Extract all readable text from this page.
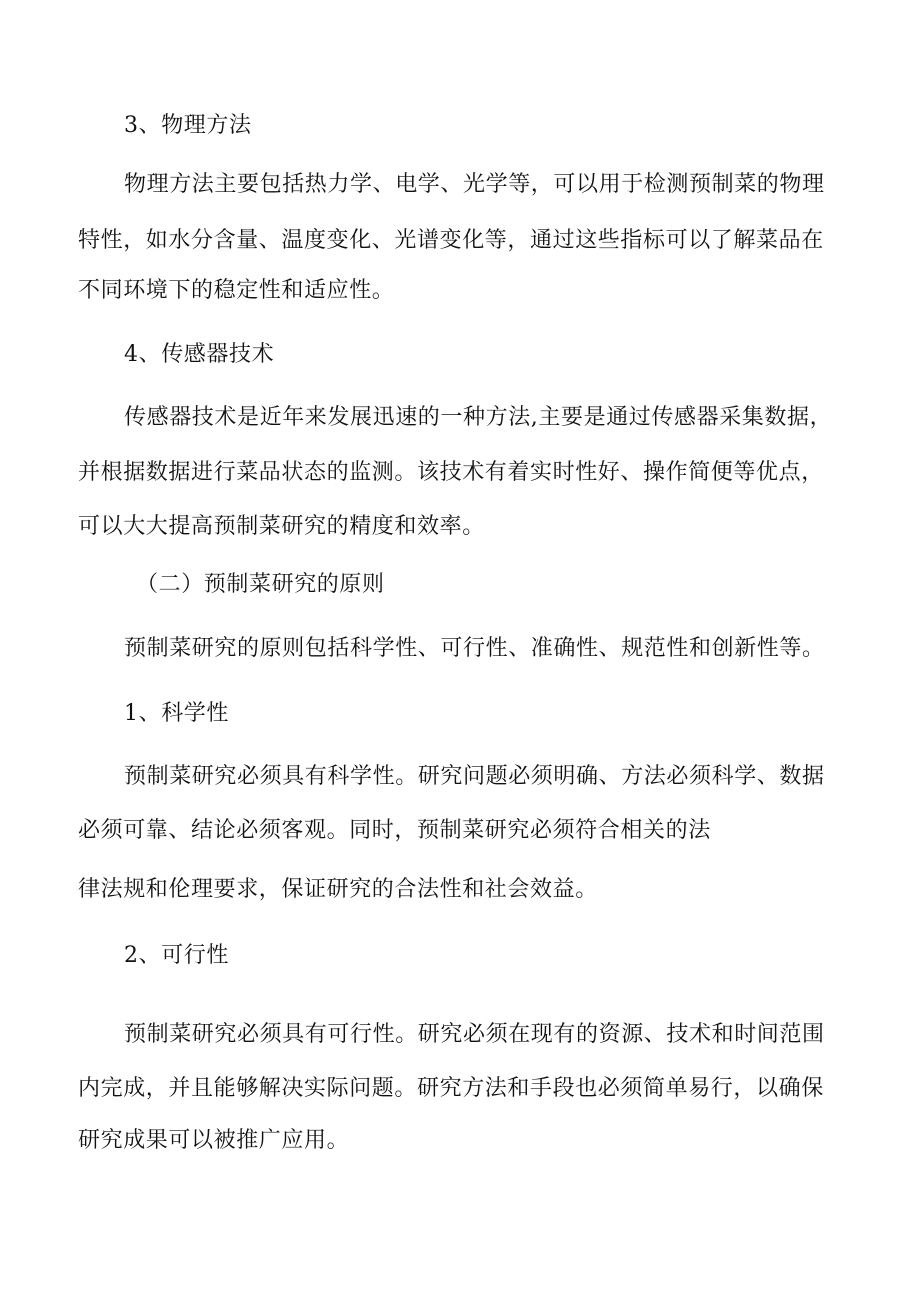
3、物理方法
物理方法主要包括热力学、电学、光学等，可以用于检测预制菜的物理
特性，如水分含量、温度变化、光谱变化等，通过这些指标可以了解菜品在
不同环境下的稳定性和适应性。
4、传感器技术
传感器技术是近年来发展迅速的一种方法,主要是通过传感器采集数据，
并根据数据进行菜品状态的监测。该技术有着实时性好、操作简便等优点，
可以大大提高预制菜研究的精度和效率。
（二）预制菜研究的原则
预制菜研究的原则包括科学性、可行性、准确性、规范性和创新性等。
1、科学性
预制菜研究必须具有科学性。研究问题必须明确、方法必须科学、数据
必须可靠、结论必须客观。同时，预制菜研究必须符合相关的法
律法规和伦理要求，保证研究的合法性和社会效益。
2、可行性
预制菜研究必须具有可行性。研究必须在现有的资源、技术和时间范围
内完成，并且能够解决实际问题。研究方法和手段也必须简单易行，以确保
研究成果可以被推广应用。
